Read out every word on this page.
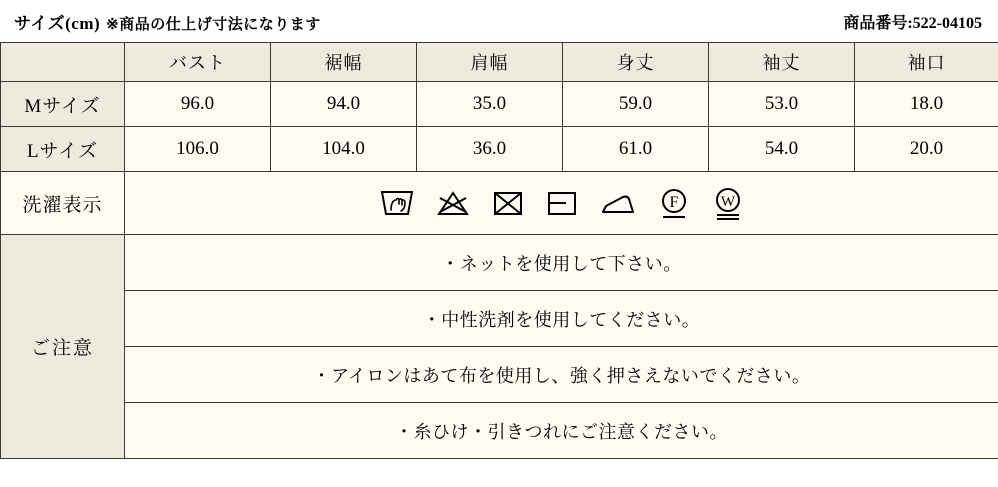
サイズ(cm) ※商品の仕上げ寸法になります	商品番号:522-04105
	バスト	裾幅	肩幅	身丈	袖丈	袖口
Mサイズ	96.0	94.0	35.0	59.0	53.0	18.0
Lサイズ	106.0	104.0	36.0	61.0	54.0	20.0
洗濯表示	F W					

ご注意	・ネットを使用して下さい。					
	・中性洗剤を使用してください。					
	・アイロンはあて布を使用し、強く押さえないでください。					
	・糸ひけ・引きつれにご注意ください。					
